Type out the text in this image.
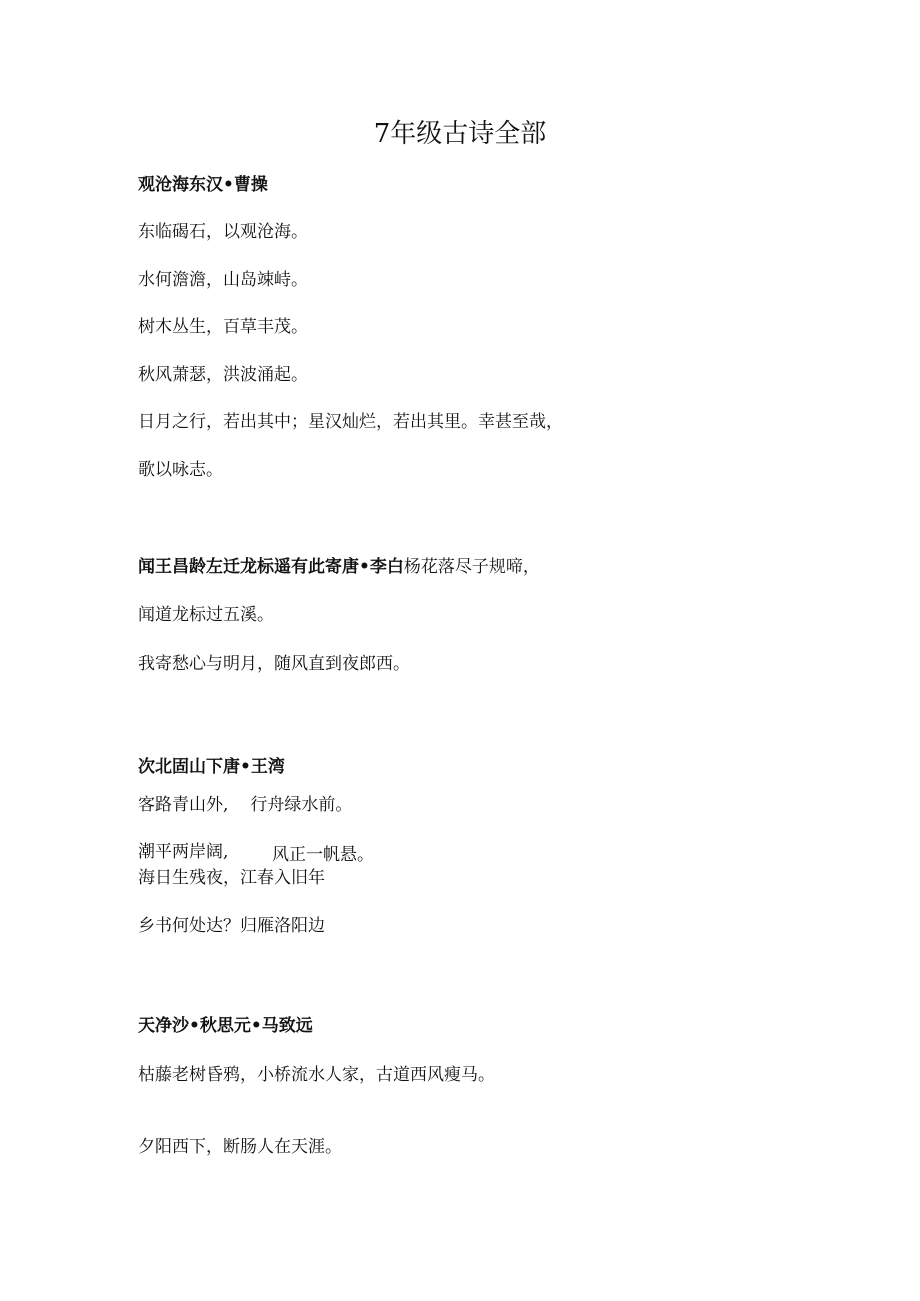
7年级古诗全部

观沧海东汉•曹操

东临碣石，以观沧海。

水何澹澹，山岛竦峙。

树木丛生，百草丰茂。

秋风萧瑟，洪波涌起。

日月之行，若出其中；星汉灿烂，若出其里。幸甚至哉，

歌以咏志。

闻王昌龄左迁龙标遥有此寄唐•李白杨花落尽子规啼，

闻道龙标过五溪。

我寄愁心与明月，随风直到夜郎西。

次北固山下唐•王湾

客路青山外, 行舟绿水前。

潮平两岸阔,	风正一帆悬。

海日生残夜，江春入旧年

乡书何处达？归雁洛阳边

天净沙•秋思元•马致远

枯藤老树昏鸦，小桥流水人家，古道西风瘦马。

夕阳西下，断肠人在天涯。
